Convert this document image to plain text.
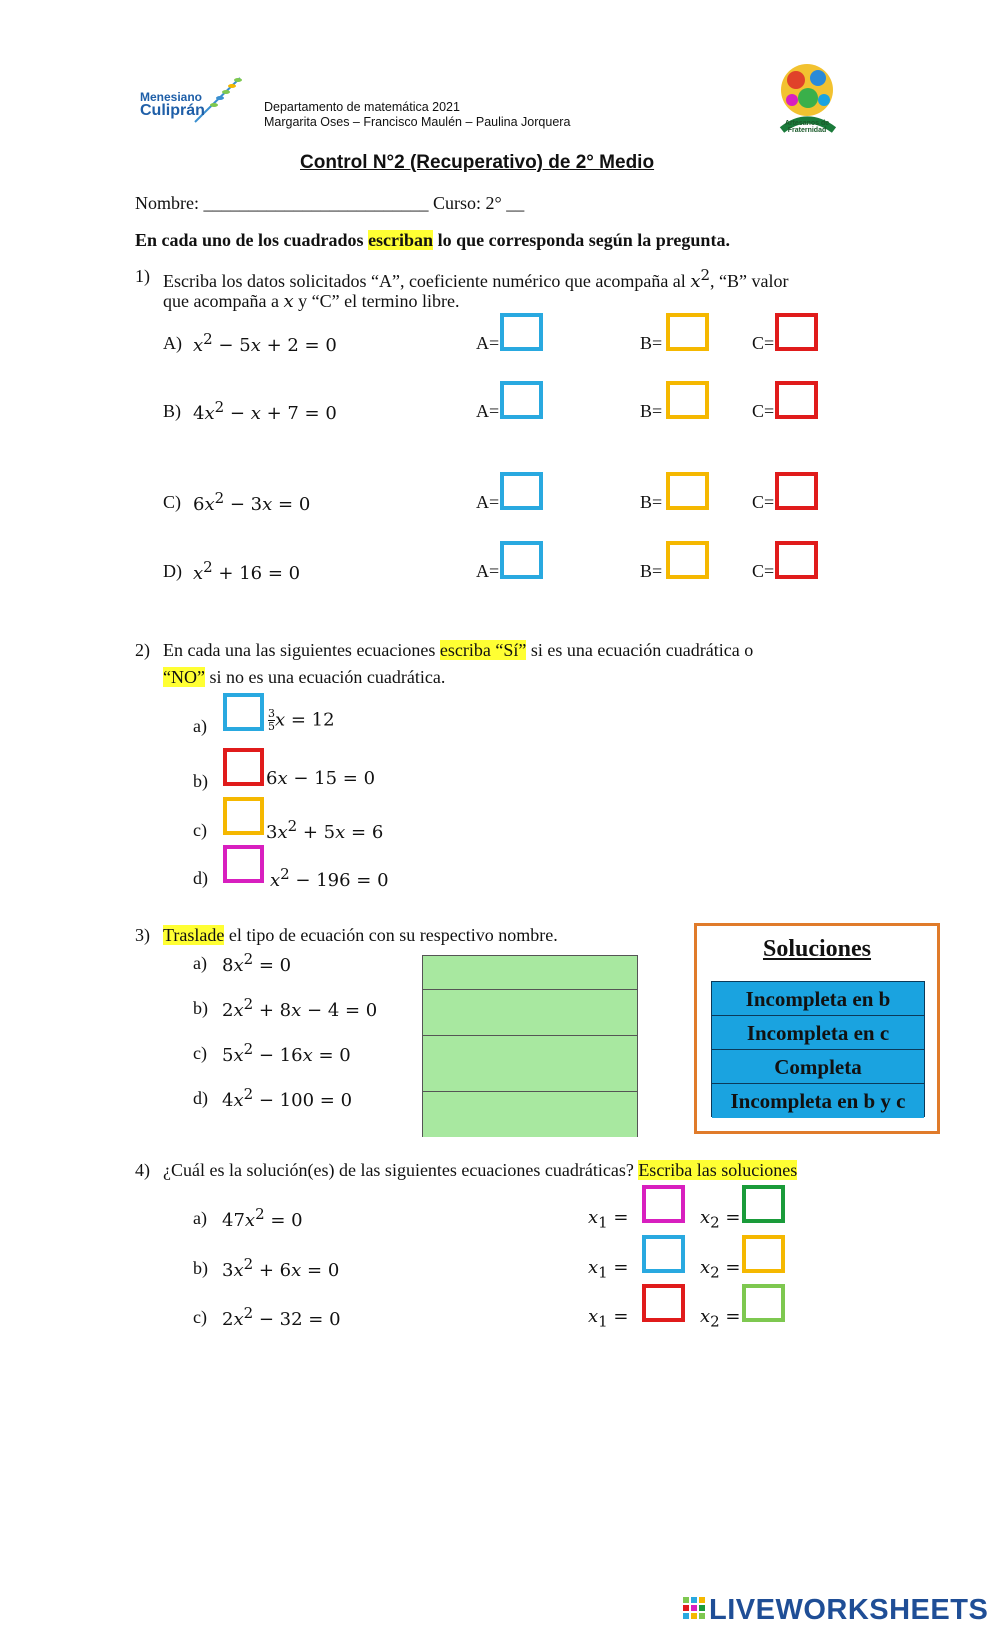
Menesiano
Culiprán	Departamento de matemática 2021
Margarita Oses – Francisco Maulén – Paulina Jorquera	Artesanos de Fraternidad
Control N°2 (Recuperativo) de 2° Medio
Nombre: _________________________ Curso: 2° __
En cada uno de los cuadrados escriban lo que corresponda según la pregunta.
1) Escriba los datos solicitados “A”, coeficiente numérico que acompaña al $x^2$, “B” valor
que acompaña a x y “C” el termino libre.
A) $x^2 - 5x + 2 = 0$	A=	B=	C=
B) $4x^2 - x + 7 = 0$	A=	B=	C=
C) $6x^2 - 3x = 0$	A=	B=	C=
D) $x^2 + 16 = 0$	A=	B=	C=
2) En cada una las siguientes ecuaciones escriba “Sí” si es una ecuación cuadrática o
“NO” si no es una ecuación cuadrática.
a)	$\frac{3}{5}$ x = 12
b)	6x − 15 = 0
c)	$3x^2 + 5x = 6$
d)	$x^2 - 196 = 0$
3) Traslade el tipo de ecuación con su respectivo nombre.
a) $8x^2 = 0$
b) $2x^2 + 8x - 4 = 0$
c) $5x^2 - 16x = 0$
d) $4x^2 - 100 = 0$
Soluciones
Incompleta en b
Incompleta en c
Completa
Incompleta en b y c
4) ¿Cuál es la solución(es) de las siguientes ecuaciones cuadráticas? Escriba las soluciones
a) $47x^2 = 0$	$x_1$ =	$x_2$ =
b) $3x^2 + 6x = 0$	$x_1$ =	$x_2$ =
c) $2x^2 - 32 = 0$	$x_1$ =	$x_2$ =
LIVEWORKSHEETS
